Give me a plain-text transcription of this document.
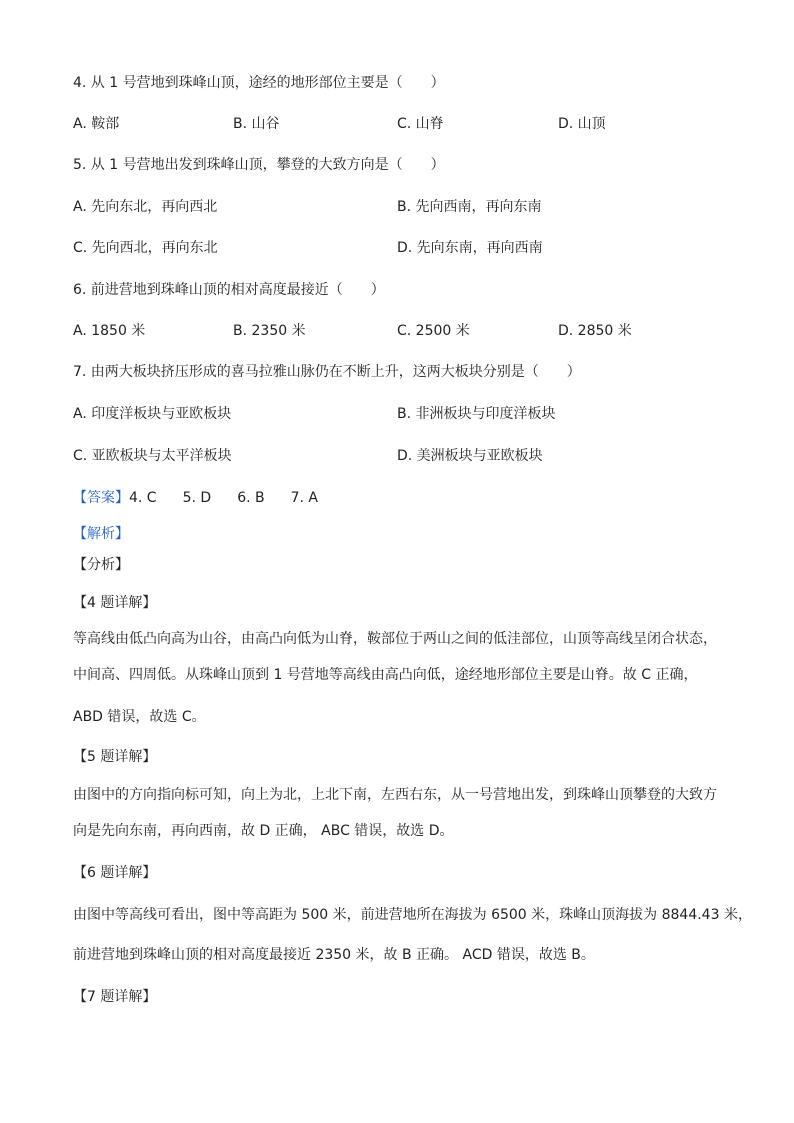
4. 从 1 号营地到珠峰山顶，途经的地形部位主要是（　　）
A. 鞍部	B. 山谷	C. 山脊	D. 山顶
5. 从 1 号营地出发到珠峰山顶，攀登的大致方向是（　　）
A. 先向东北，再向西北	B. 先向西南，再向东南
C. 先向西北，再向东北	D. 先向东南，再向西南
6. 前进营地到珠峰山顶的相对高度最接近（　　）
A. 1850 米	B. 2350 米	C. 2500 米	D. 2850 米
7. 由两大板块挤压形成的喜马拉雅山脉仍在不断上升，这两大板块分别是（　　）
A. 印度洋板块与亚欧板块	B. 非洲板块与印度洋板块
C. 亚欧板块与太平洋板块	D. 美洲板块与亚欧板块
【答案】4. C 5. D 6. B 7. A
【解析】
【分析】
【4 题详解】
等高线由低凸向高为山谷，由高凸向低为山脊，鞍部位于两山之间的低洼部位，山顶等高线呈闭合状态，
中间高、四周低。从珠峰山顶到 1 号营地等高线由高凸向低，途经地形部位主要是山脊。故 C 正确，
ABD 错误，故选 C。
【5 题详解】
由图中的方向指向标可知，向上为北，上北下南，左西右东，从一号营地出发，到珠峰山顶攀登的大致方
向是先向东南，再向西南，故 D 正确， ABC 错误，故选 D。
【6 题详解】
由图中等高线可看出，图中等高距为 500 米，前进营地所在海拔为 6500 米，珠峰山顶海拔为 8844.43 米，
前进营地到珠峰山顶的相对高度最接近 2350 米，故 B 正确。 ACD 错误，故选 B。
【7 题详解】
